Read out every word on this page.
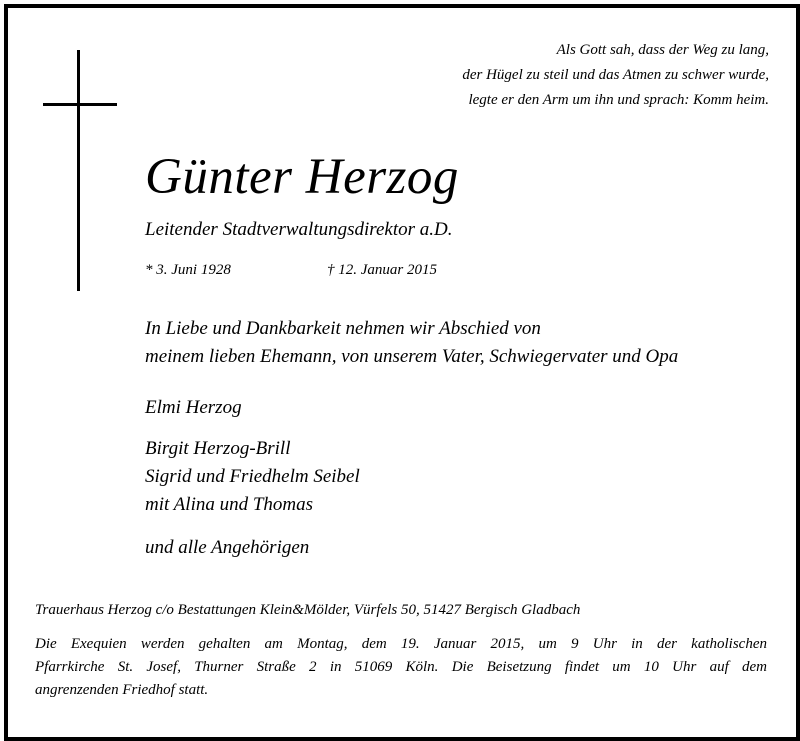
Als Gott sah, dass der Weg zu lang,
der Hügel zu steil und das Atmen zu schwer wurde,
legte er den Arm um ihn und sprach: Komm heim.
Günter Herzog
Leitender Stadtverwaltungsdirektor a.D.
* 3. Juni 1928	† 12. Januar 2015
In Liebe und Dankbarkeit nehmen wir Abschied von
meinem lieben Ehemann, von unserem Vater, Schwiegervater und Opa
Elmi Herzog
Birgit Herzog-Brill
Sigrid und Friedhelm Seibel
mit Alina und Thomas
und alle Angehörigen
Trauerhaus Herzog c/o Bestattungen Klein&Mölder, Vürfels 50, 51427 Bergisch Gladbach
Die Exequien werden gehalten am Montag, dem 19. Januar 2015, um 9 Uhr in der katholischen
Pfarrkirche St. Josef, Thurner Straße 2 in 51069 Köln. Die Beisetzung findet um 10 Uhr auf dem
angrenzenden Friedhof statt.
